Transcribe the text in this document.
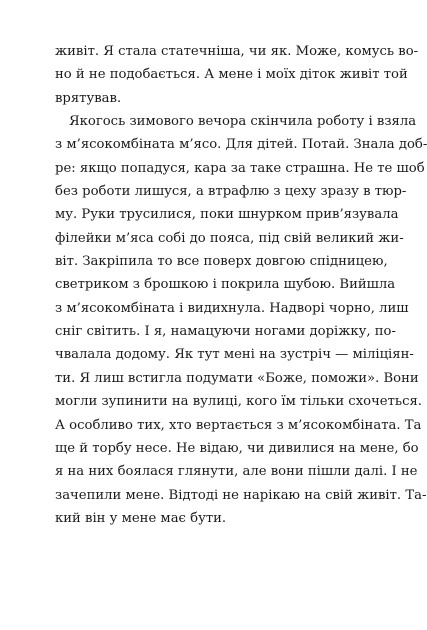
живіт. Я стала статечніша, чи як. Може, комусь во-
но й не подобається. А мене і моїх діток живіт той
врятував.
Якогось зимового вечора скінчила роботу і взяла
з м’ясокомбіната м’ясо. Для дітей. Потай. Знала доб-
ре: якщо попадуся, кара за таке страшна. Не те шоб
без роботи лишуся, а втрафлю з цеху зразу в тюр-
му. Руки трусилися, поки шнурком прив’язувала
філейки м’яса собі до пояса, під свій великий жи-
віт. Закріпила то все поверх довгою спідницею,
светриком з брошкою і покрила шубою. Вийшла
з м’ясокомбіната і видихнула. Надворі чорно, лиш
сніг світить. І я, намацуючи ногами доріжку, по-
чвалала додому. Як тут мені на зустріч — міліціян-
ти. Я лиш встигла подумати «Боже, поможи». Вони
могли зупинити на вулиці, кого їм тільки схочеться.
А особливо тих, хто вертається з м’ясокомбіната. Та
ще й торбу несе. Не відаю, чи дивилися на мене, бо
я на них боялася глянути, але вони пішли далі. І не
зачепили мене. Відтоді не нарікаю на свій живіт. Та-
кий він у мене має бути.
